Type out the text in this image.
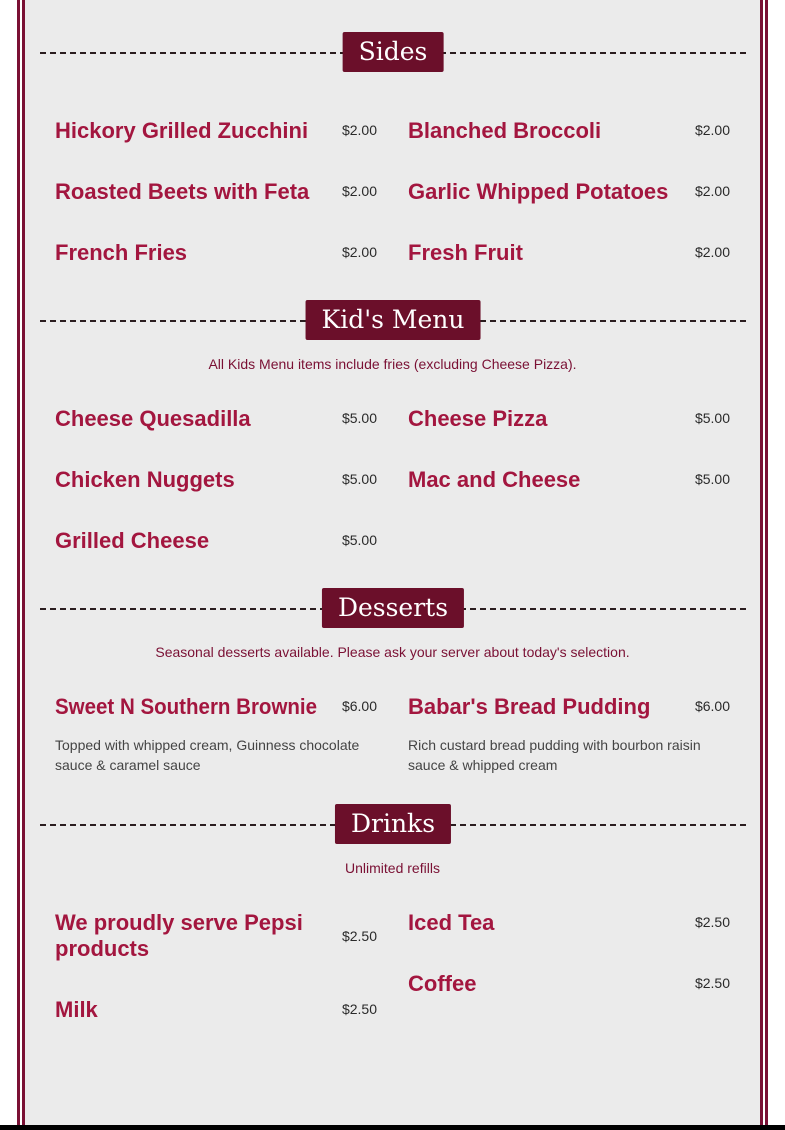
Sides
Hickory Grilled Zucchini	$2.00 Blanched Broccoli	$2.00
Roasted Beets with Feta	$2.00 Garlic Whipped Potatoes $2.00
French Fries	$2.00 Fresh Fruit	$2.00
Kid's Menu
All Kids Menu items include fries (excluding Cheese Pizza).
Cheese Quesadilla	$5.00 Cheese Pizza	$5.00
Chicken Nuggets	$5.00 Mac and Cheese	$5.00
Grilled Cheese	$5.00
Desserts
Seasonal desserts available. Please ask your server about today's selection.
Sweet N Southern Brownie $6.00
Topped with whipped cream, Guinness chocolate sauce & caramel sauce
Babar's Bread Pudding	$6.00
Rich custard bread pudding with bourbon raisin sauce & whipped cream
Drinks
Unlimited refills
We proudly serve Pepsi products	$2.50
Iced Tea	$2.50
Milk	$2.50
Coffee	$2.50
